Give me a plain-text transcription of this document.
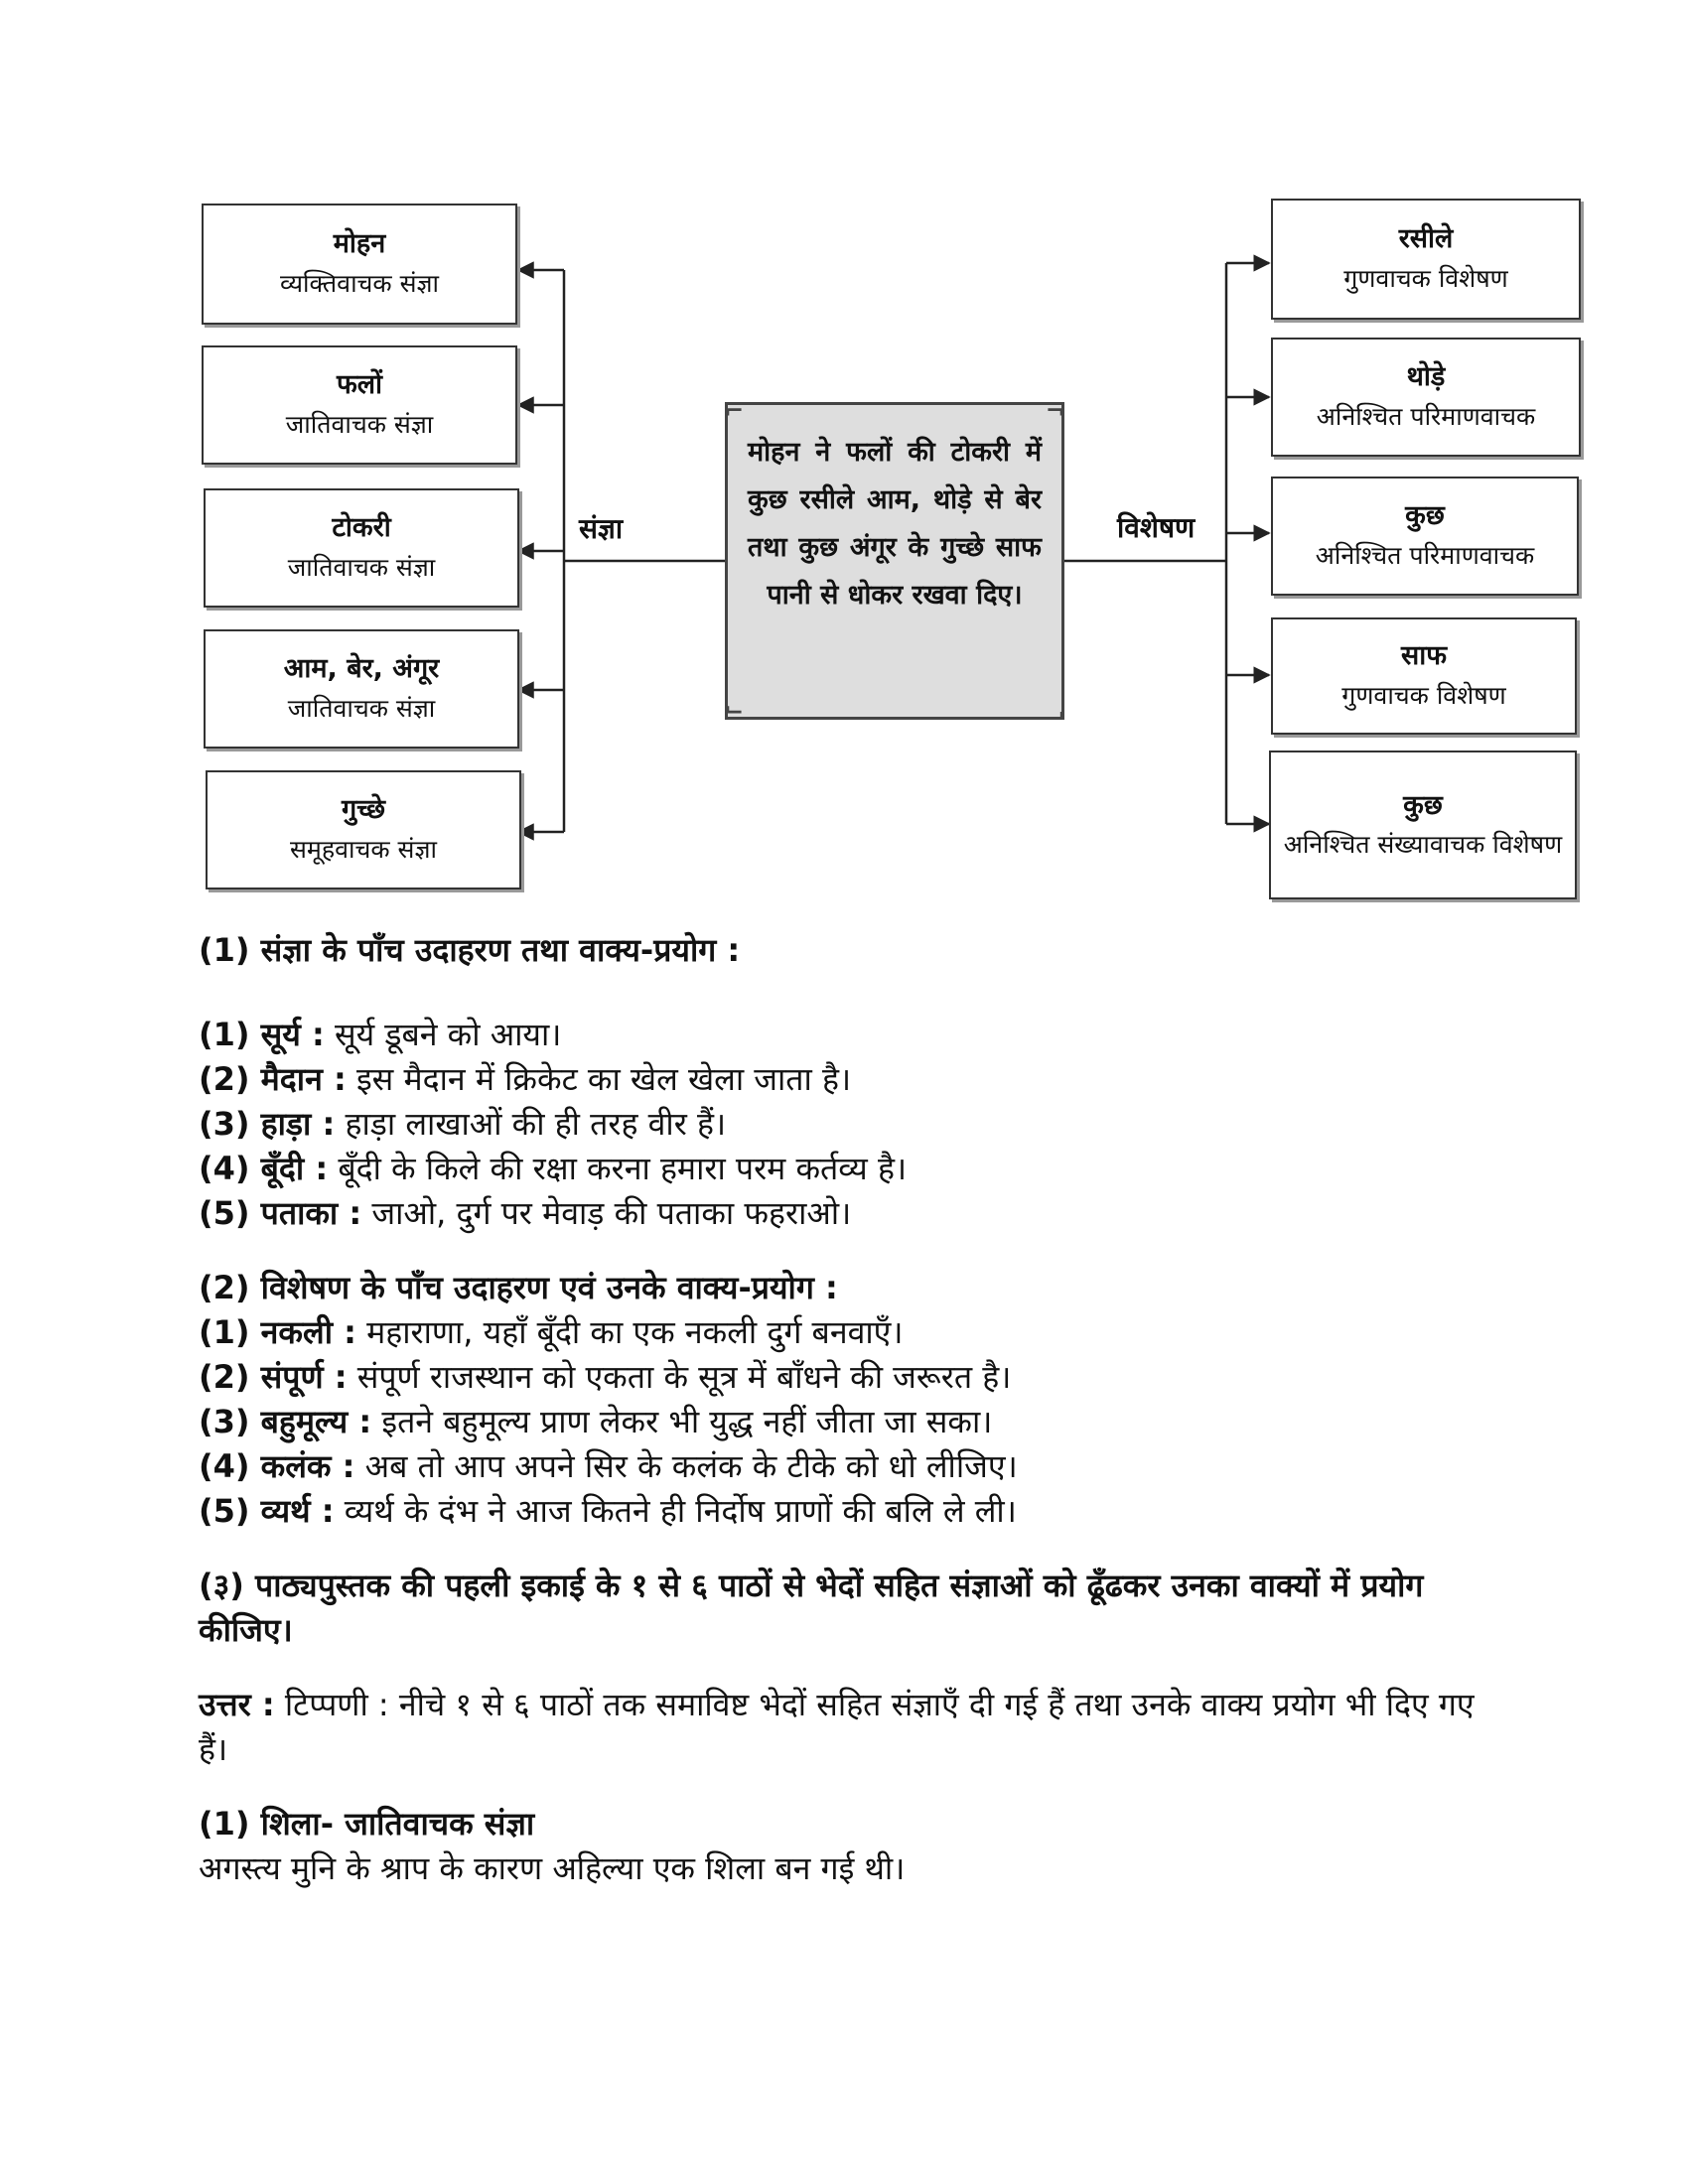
संज्ञा	विशेषण
मोहन
व्यक्तिवाचक संज्ञा
फलों
जातिवाचक संज्ञा
टोकरी
जातिवाचक संज्ञा
आम, बेर, अंगूर
जातिवाचक संज्ञा
गुच्छे
समूहवाचक संज्ञा
मोहन ने फलों की टोकरी में कुछ रसीले आम, थोड़े से बेर तथा कुछ अंगूर के गुच्छे साफ पानी से धोकर रखवा दिए।
⌐	¬
⌙	⌟
रसीले
गुणवाचक विशेषण
थोड़े
अनिश्चित परिमाणवाचक
कुछ
अनिश्चित परिमाणवाचक
साफ
गुणवाचक विशेषण
कुछ
अनिश्चित संख्यावाचक विशेषण

(1) संज्ञा के पाँच उदाहरण तथा वाक्य-प्रयोग :

(1) सूर्य : सूर्य डूबने को आया।

(2) मैदान : इस मैदान में क्रिकेट का खेल खेला जाता है।

(3) हाड़ा : हाड़ा लाखाओं की ही तरह वीर हैं।

(4) बूँदी : बूँदी के किले की रक्षा करना हमारा परम कर्तव्य है।

(5) पताका : जाओ, दुर्ग पर मेवाड़ की पताका फहराओ।

(2) विशेषण के पाँच उदाहरण एवं उनके वाक्य-प्रयोग :

(1) नकली : महाराणा, यहाँ बूँदी का एक नकली दुर्ग बनवाएँ।

(2) संपूर्ण : संपूर्ण राजस्थान को एकता के सूत्र में बाँधने की जरूरत है।

(3) बहुमूल्य : इतने बहुमूल्य प्राण लेकर भी युद्ध नहीं जीता जा सका।

(4) कलंक : अब तो आप अपने सिर के कलंक के टीके को धो लीजिए।

(5) व्यर्थ : व्यर्थ के दंभ ने आज कितने ही निर्दोष प्राणों की बलि ले ली।

(३) पाठ्यपुस्तक की पहली इकाई के १ से ६ पाठों से भेदों सहित संज्ञाओं को ढूँढकर उनका वाक्यों में प्रयोग कीजिए।

उत्तर : टिप्पणी : नीचे १ से ६ पाठों तक समाविष्ट भेदों सहित संज्ञाएँ दी गई हैं तथा उनके वाक्य प्रयोग भी दिए गए हैं।

(1) शिला- जातिवाचक संज्ञा

अगस्त्य मुनि के श्राप के कारण अहिल्या एक शिला बन गई थी।
